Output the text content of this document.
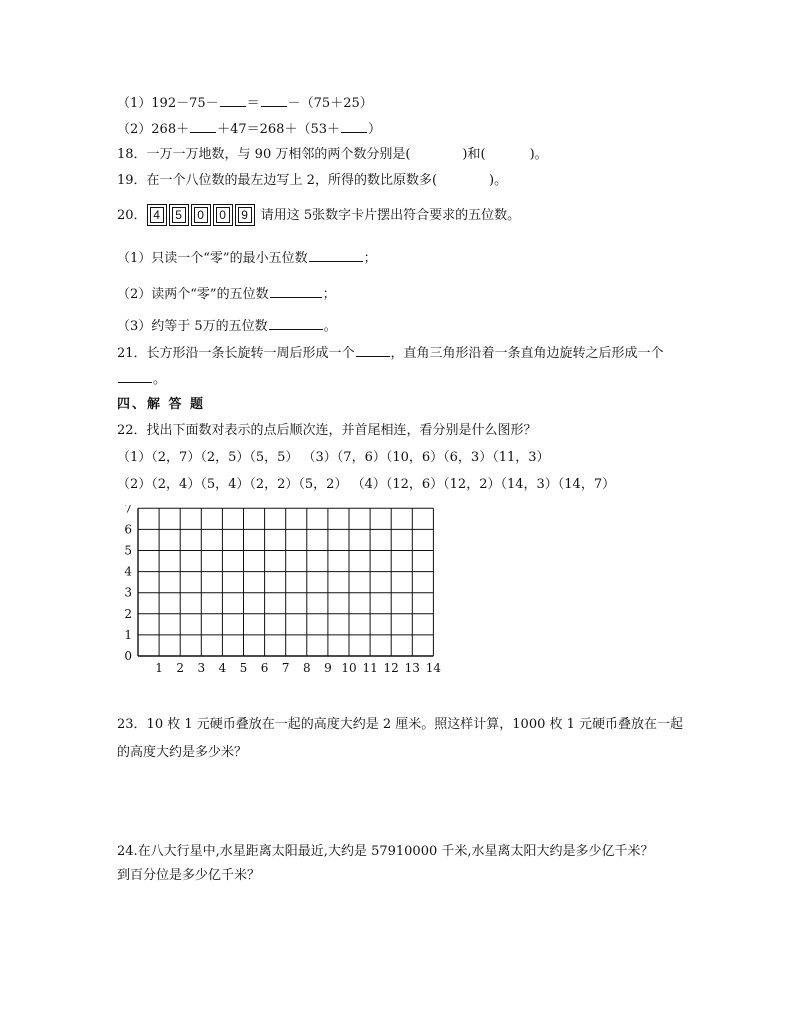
（1）192－75－ ＝ －（75＋25）
（2）268＋ ＋47＝268＋（53＋ ）
18．一万一万地数，与 90 万相邻的两个数分别是(	)和(	)。
19．在一个八位数的最左边写上 2，所得的数比原数多(	)。
20． 4 5 0 0 9 请用这 5张数字卡片摆出符合要求的五位数。
（1）只读一个“零”的最小五位数	；
（2）读两个“零”的五位数	；
（3）约等于 5万的五位数	。
21．长方形沿一条长旋转一周后形成一个	，直角三角形沿着一条直角边旋转之后形成一个
。
四、解 答 题
22．找出下面数对表示的点后顺次连，并首尾相连，看分别是什么图形？
（1）（2，7）（2，5）（5，5） （3）（7，6）（10，6）（6，3）（11，3）
（2）（2，4）（5，4）（2，2）（5，2） （4）（12，6）（12，2）（14，3）（14，7）
1 2 3 4 5 6 7 8 9 10 11 12 13 14
0
1
2
3
4
5
6
7
23．10 枚 1 元硬币叠放在一起的高度大约是 2 厘米。照这样计算，1000 枚 1 元硬币叠放在一起
的高度大约是多少米？
24.在八大行星中,水星距离太阳最近,大约是 57910000 千米,水星离太阳大约是多少亿千米？
到百分位是多少亿千米？
